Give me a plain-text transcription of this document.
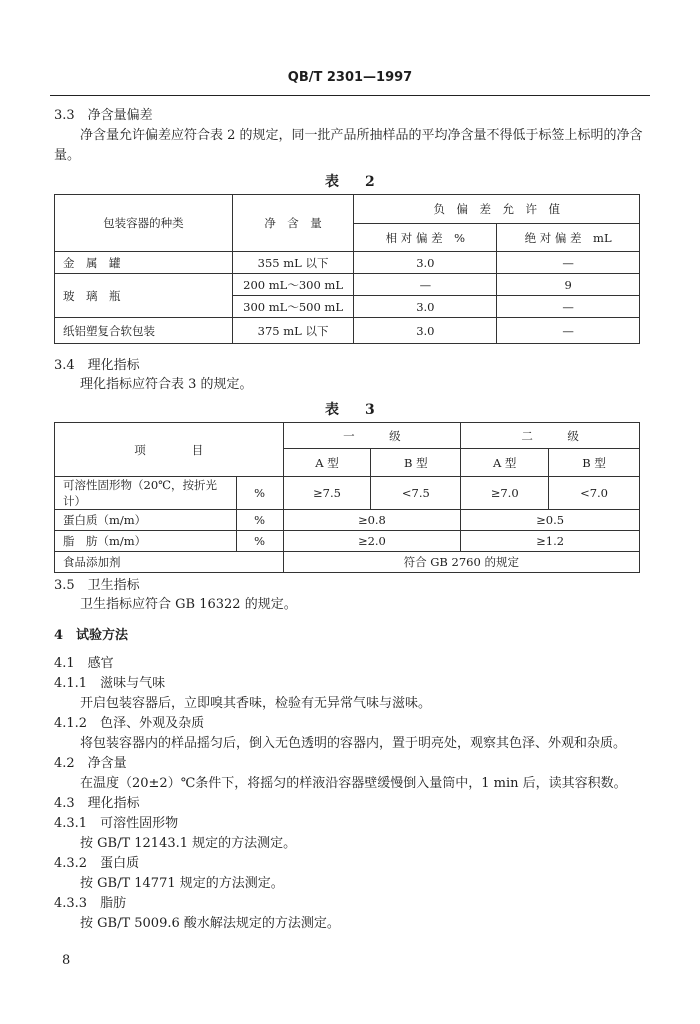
QB/T 2301—1997
3.3　净含量偏差
净含量允许偏差应符合表 2 的规定，同一批产品所抽样品的平均净含量不得低于标签上标明的净含
量。
表　2
包装容器的种类	净　含　量	负　偏　差　允　许　值	
		相 对 偏 差　%	绝 对 偏 差　mL
金　属　罐	355 mL 以下	3.0	—
玻　璃　瓶	200 mL～300 mL	—	9
	300 mL～500 mL	3.0	—
纸铝塑复合软包装	375 mL 以下	3.0	—
3.4　理化指标
理化指标应符合表 3 的规定。
表　3
项　　　　目		一　　　级		二　　　级	
		A 型	B 型	A 型	B 型
可溶性固形物（20℃，按折光计）	%	≥7.5	<7.5	≥7.0	<7.0
蛋白质（m/m）	%	≥0.8		≥0.5	
脂　肪（m/m）	%	≥2.0		≥1.2	
食品添加剂		符合 GB 2760 的规定			
3.5　卫生指标
卫生指标应符合 GB 16322 的规定。
4　试验方法
4.1　感官
4.1.1　滋味与气味
开启包装容器后，立即嗅其香味，检验有无异常气味与滋味。
4.1.2　色泽、外观及杂质
将包装容器内的样品摇匀后，倒入无色透明的容器内，置于明亮处，观察其色泽、外观和杂质。
4.2　净含量
在温度（20±2）℃条件下，将摇匀的样液沿容器壁缓慢倒入量筒中，1 min 后，读其容积数。
4.3　理化指标
4.3.1　可溶性固形物
按 GB/T 12143.1 规定的方法测定。
4.3.2　蛋白质
按 GB/T 14771 规定的方法测定。
4.3.3　脂肪
按 GB/T 5009.6 酸水解法规定的方法测定。
8
